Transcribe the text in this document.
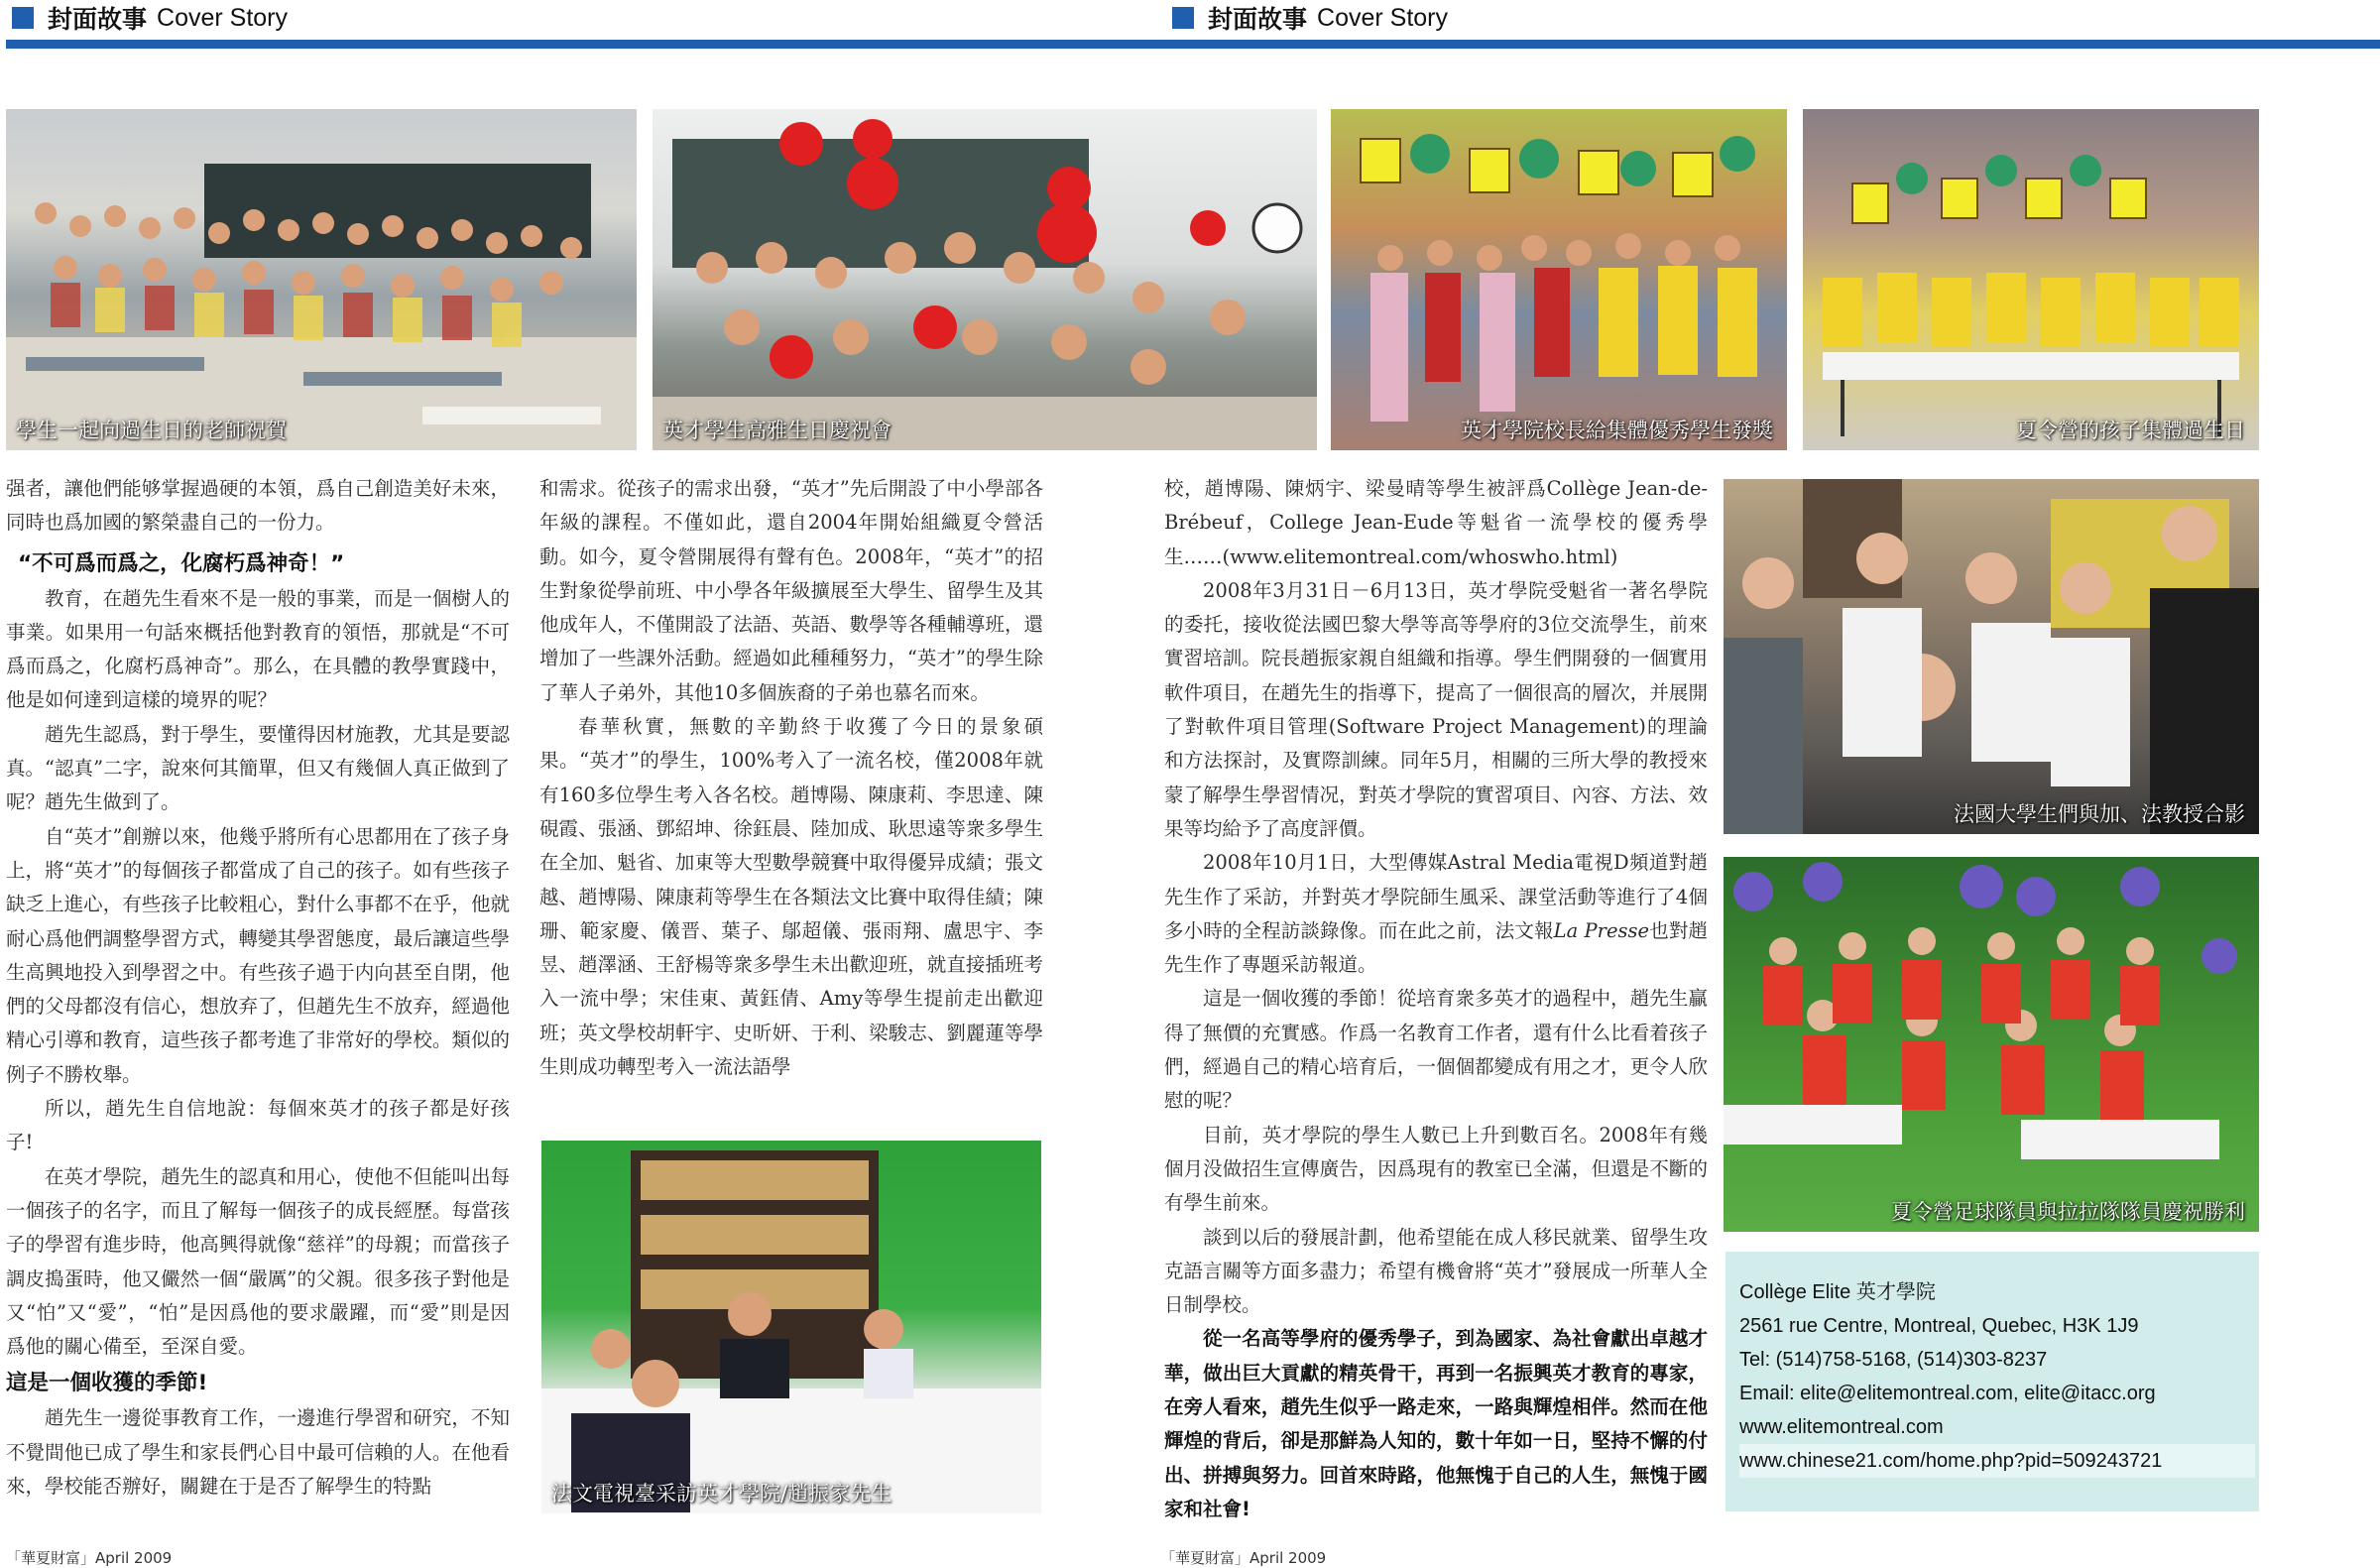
封面故事 Cover Story	封面故事 Cover Story
學生一起向過生日的老師祝賀	英才學生高雅生日慶祝會	英才學院校長給集體優秀學生發獎	夏令營的孩子集體過生日
法文電視臺采訪英才學院/趙振家先生
法國大學生們與加、法教授合影
夏令營足球隊員與拉拉隊隊員慶祝勝利

强者，讓他們能够掌握過硬的本領，爲自己創造美好未來，同時也爲加國的繁榮盡自己的一份力。

“不可爲而爲之，化腐朽爲神奇！”

教育，在趙先生看來不是一般的事業，而是一個樹人的事業。如果用一句話來概括他對教育的領悟，那就是“不可爲而爲之，化腐朽爲神奇”。那么，在具體的教學實踐中，他是如何達到這樣的境界的呢？

趙先生認爲，對于學生，要懂得因材施教，尤其是要認真。“認真”二字，說來何其簡單，但又有幾個人真正做到了呢？趙先生做到了。

自“英才”創辦以來，他幾乎將所有心思都用在了孩子身上，將“英才”的每個孩子都當成了自己的孩子。如有些孩子缺乏上進心，有些孩子比較粗心，對什么事都不在乎，他就耐心爲他們調整學習方式，轉變其學習態度，最后讓這些學生高興地投入到學習之中。有些孩子過于内向甚至自閉，他們的父母都沒有信心，想放弃了，但趙先生不放弃，經過他精心引導和教育，這些孩子都考進了非常好的學校。類似的例子不勝枚舉。

所以，趙先生自信地說：每個來英才的孩子都是好孩子!

在英才學院，趙先生的認真和用心，使他不但能叫出每一個孩子的名字，而且了解每一個孩子的成長經歷。每當孩子的學習有進步時，他高興得就像“慈祥”的母親；而當孩子調皮搗蛋時，他又儼然一個“嚴厲”的父親。很多孩子對他是又“怕”又“愛”，“怕”是因爲他的要求嚴躍，而“愛”則是因爲他的關心備至，至深自愛。

這是一個收獲的季節!

趙先生一邊從事教育工作，一邊進行學習和研究，不知不覺間他已成了學生和家長們心目中最可信賴的人。在他看來，學校能否辦好，關鍵在于是否了解學生的特點

和需求。從孩子的需求出發，“英才”先后開設了中小學部各年級的課程。不僅如此，還自2004年開始組織夏令營活動。如今，夏令營開展得有聲有色。2008年，“英才”的招生對象從學前班、中小學各年級擴展至大學生、留學生及其他成年人，不僅開設了法語、英語、數學等各種輔導班，還增加了一些課外活動。經過如此種種努力，“英才”的學生除了華人子弟外，其他10多個族裔的子弟也慕名而來。

春華秋實，無數的辛勤終于收獲了今日的景象碩果。“英才”的學生，100%考入了一流名校，僅2008年就有160多位學生考入各名校。趙博陽、陳康莉、李思達、陳硯霞、張涵、鄧紹坤、徐鈺晨、陸加成、耿思遠等衆多學生在全加、魁省、加東等大型數學競賽中取得優异成績；張文越、趙博陽、陳康莉等學生在各類法文比賽中取得佳績；陳珊、範家慶、儀晋、葉子、鄔超儀、張雨翔、盧思宇、李昱、趙澤涵、王舒楊等衆多學生未出歡迎班，就直接插班考入一流中學；宋佳東、黃鈺倩、Amy等學生提前走出歡迎班；英文學校胡軒宇、史昕妍、于利、梁駿志、劉麗蓮等學生則成功轉型考入一流法語學

校，趙博陽、陳炳宇、梁曼晴等學生被評爲Collège Jean-de-Brébeuf，College Jean-Eude等魁省一流學校的優秀學生……(www.elitemontreal.com/whoswho.html)

2008年3月31日－6月13日，英才學院受魁省一著名學院的委托，接收從法國巴黎大學等高等學府的3位交流學生，前來實習培訓。院長趙振家親自組織和指導。學生們開發的一個實用軟件項目，在趙先生的指導下，提高了一個很高的層次，并展開了對軟件項目管理(Software Project Management)的理論和方法探討，及實際訓練。同年5月，相關的三所大學的教授來蒙了解學生學習情况，對英才學院的實習項目、內容、方法、效果等均給予了高度評價。

2008年10月1日，大型傳媒Astral Media電視D頻道對趙先生作了采訪，并對英才學院師生風采、課堂活動等進行了4個多小時的全程訪談錄像。而在此之前，法文報La Presse也對趙先生作了專題采訪報道。

這是一個收獲的季節！從培育衆多英才的過程中，趙先生贏得了無價的充實感。作爲一名教育工作者，還有什么比看着孩子們，經過自己的精心培育后，一個個都變成有用之才，更令人欣慰的呢？

目前，英才學院的學生人數已上升到數百名。2008年有幾個月没做招生宣傳廣告，因爲現有的教室已全滿，但還是不斷的有學生前來。

談到以后的發展計劃，他希望能在成人移民就業、留學生攻克語言關等方面多盡力；希望有機會將“英才”發展成一所華人全日制學校。

從一名高等學府的優秀學子，到為國家、為社會獻出卓越才華，做出巨大貢獻的精英骨干，再到一名振興英才教育的專家，在旁人看來，趙先生似乎一路走來，一路與輝煌相伴。然而在他輝煌的背后，卻是那鮮為人知的，數十年如一日，堅持不懈的付出、拼搏與努力。回首來時路，他無愧于自己的人生，無愧于國家和社會!

Collège Elite 英才學院
2561 rue Centre, Montreal, Quebec, H3K 1J9
Tel: (514)758-5168, (514)303-8237
Email: elite@elitemontreal.com, elite@itacc.org
www.elitemontreal.com
www.chinese21.com/home.php?pid=509243721
「華夏財富」April 2009	「華夏財富」April 2009
